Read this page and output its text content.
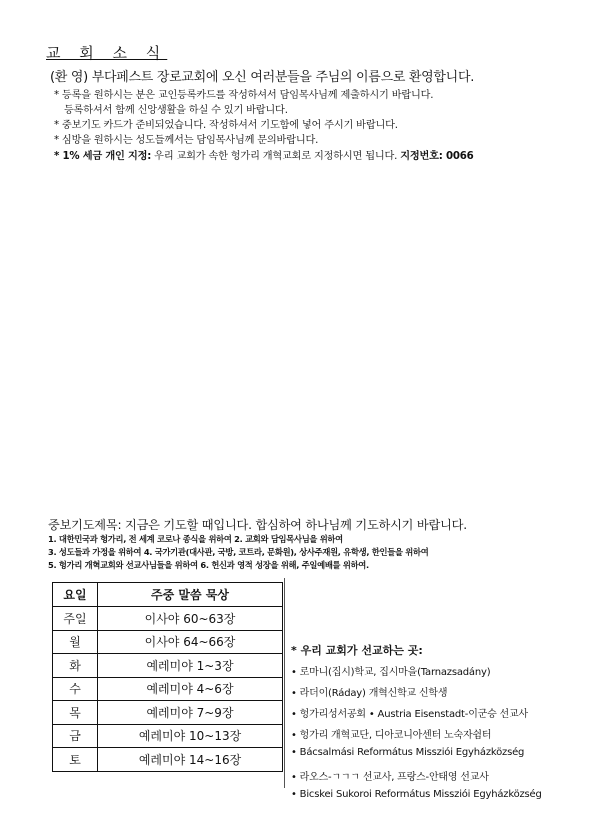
교 회 소 식
(환 영) 부다페스트 장로교회에 오신 여러분들을 주님의 이름으로 환영합니다.
* 등록을 원하시는 분은 교인등록카드를 작성하셔서 담임목사님께 제출하시기 바랍니다.
등록하셔서 함께 신앙생활을 하실 수 있기 바랍니다.
* 중보기도 카드가 준비되었습니다. 작성하셔서 기도함에 넣어 주시기 바랍니다.
* 심방을 원하시는 성도들께서는 담임목사님께 문의바랍니다.
* 1% 세금 개인 지정: 우리 교회가 속한 헝가리 개혁교회로 지정하시면 됩니다. 지정번호: 0066
중보기도제목: 지금은 기도할 때입니다. 합심하여 하나님께 기도하시기 바랍니다.
1. 대한민국과 헝가리, 전 세계 코로나 종식을 위하여 2. 교회와 담임목사님을 위하여
3. 성도들과 가정을 위하여 4. 국가기관(대사관, 국방, 코트라, 문화원), 상사주재원, 유학생, 한인들을 위하여
5. 헝가리 개혁교회와 선교사님들을 위하여 6. 헌신과 영적 성장을 위해, 주일예배를 위하여.
요일	주중 말씀 묵상
주일	이사야 60~63장
월	이사야 64~66장
화	예레미야 1~3장
수	예레미야 4~6장
목	예레미야 7~9장
금	예레미야 10~13장
토	예레미야 14~16장
* 우리 교회가 선교하는 곳:
• 로마니(집시)학교, 집시마을(Tarnazsadány)
• 라더이(Ráday) 개혁신학교 신학생
• 헝가리성서공회 • Austria Eisenstadt-이군승 선교사
• 헝가리 개혁교단, 디아코니아센터 노숙자쉼터
• Bácsalmási Református Missziói Egyházközség
• 라오스-ㄱㄱㄱ 선교사, 프랑스-안태영 선교사
• Bicskei Sukoroi Református Missziói Egyházközség
